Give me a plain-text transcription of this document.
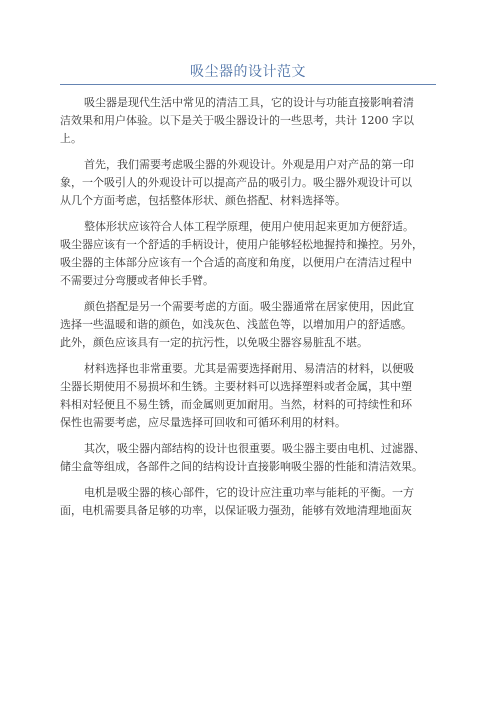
吸尘器的设计范文

吸尘器是现代生活中常见的清洁工具，它的设计与功能直接影响着清
洁效果和用户体验。以下是关于吸尘器设计的一些思考，共计 1200 字以
上。

首先，我们需要考虑吸尘器的外观设计。外观是用户对产品的第一印
象，一个吸引人的外观设计可以提高产品的吸引力。吸尘器外观设计可以
从几个方面考虑，包括整体形状、颜色搭配、材料选择等。

整体形状应该符合人体工程学原理，使用户使用起来更加方便舒适。
吸尘器应该有一个舒适的手柄设计，使用户能够轻松地握持和操控。另外，
吸尘器的主体部分应该有一个合适的高度和角度，以便用户在清洁过程中
不需要过分弯腰或者伸长手臂。

颜色搭配是另一个需要考虑的方面。吸尘器通常在居家使用，因此宜
选择一些温暖和谐的颜色，如浅灰色、浅蓝色等，以增加用户的舒适感。
此外，颜色应该具有一定的抗污性，以免吸尘器容易脏乱不堪。

材料选择也非常重要。尤其是需要选择耐用、易清洁的材料，以便吸
尘器长期使用不易损坏和生锈。主要材料可以选择塑料或者金属，其中塑
料相对轻便且不易生锈，而金属则更加耐用。当然，材料的可持续性和环
保性也需要考虑，应尽量选择可回收和可循环利用的材料。

其次，吸尘器内部结构的设计也很重要。吸尘器主要由电机、过滤器、
储尘盒等组成，各部件之间的结构设计直接影响吸尘器的性能和清洁效果。

电机是吸尘器的核心部件，它的设计应注重功率与能耗的平衡。一方
面，电机需要具备足够的功率，以保证吸力强劲，能够有效地清理地面灰
